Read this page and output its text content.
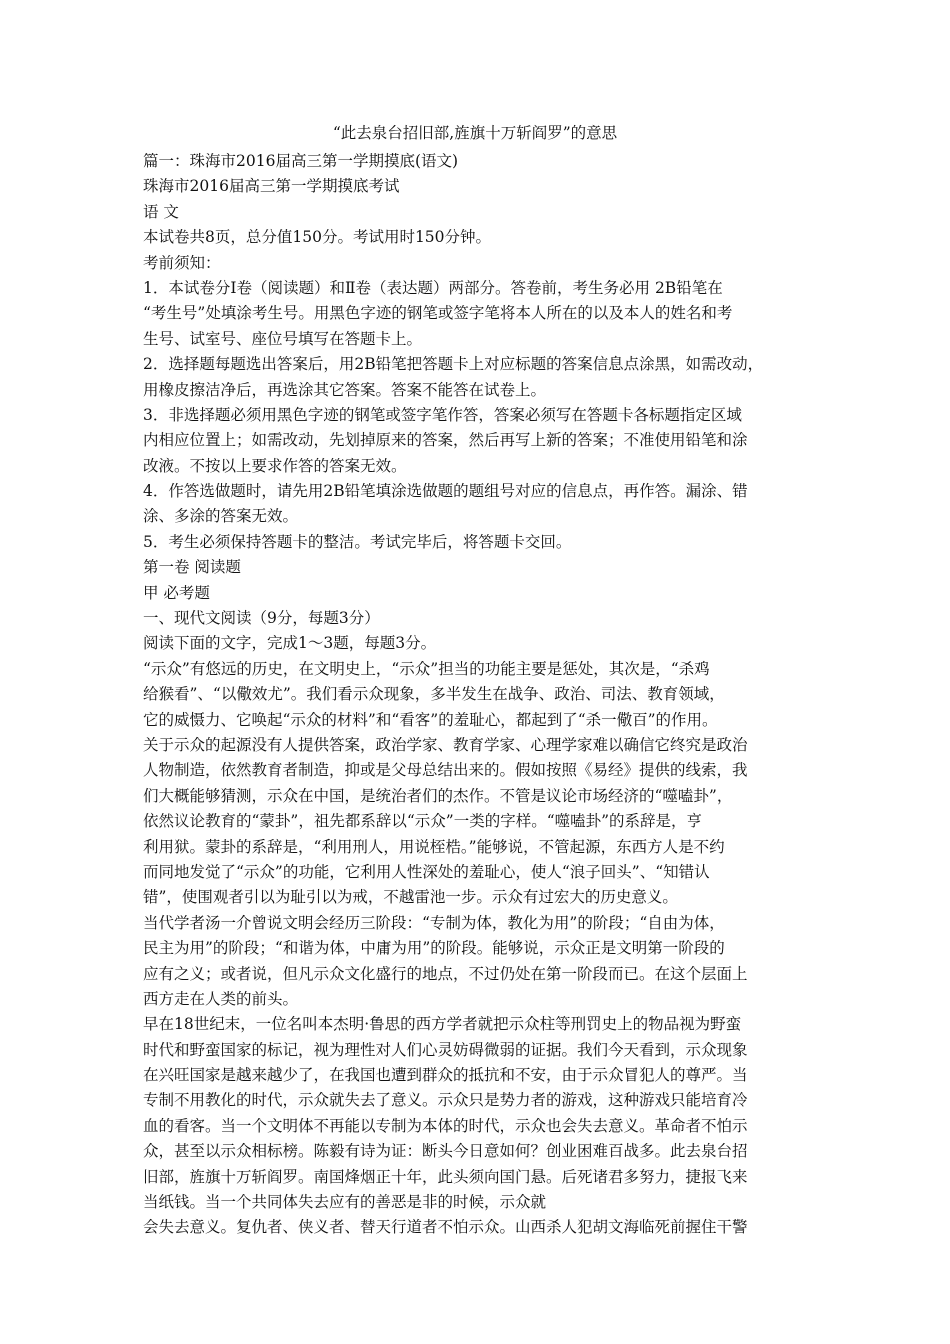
“此去泉台招旧部,旌旗十万斩阎罗”的意思
篇一：珠海市2016届高三第一学期摸底(语文)
珠海市2016届高三第一学期摸底考试
语 文
本试卷共8页，总分值150分。考试用时150分钟。
考前须知：
1．本试卷分Ⅰ卷（阅读题）和Ⅱ卷（表达题）两部分。答卷前，考生务必用 2B铅笔在
“考生号”处填涂考生号。用黑色字迹的钢笔或签字笔将本人所在的以及本人的姓名和考
生号、试室号、座位号填写在答题卡上。
2．选择题每题选出答案后，用2B铅笔把答题卡上对应标题的答案信息点涂黑，如需改动，
用橡皮擦洁净后，再选涂其它答案。答案不能答在试卷上。
3．非选择题必须用黑色字迹的钢笔或签字笔作答，答案必须写在答题卡各标题指定区域
内相应位置上；如需改动，先划掉原来的答案，然后再写上新的答案；不准使用铅笔和涂
改液。不按以上要求作答的答案无效。
4．作答选做题时，请先用2B铅笔填涂选做题的题组号对应的信息点，再作答。漏涂、错
涂、多涂的答案无效。
5．考生必须保持答题卡的整洁。考试完毕后，将答题卡交回。
第一卷 阅读题
甲 必考题
一、现代文阅读（9分，每题3分）
阅读下面的文字，完成1～3题，每题3分。
“示众”有悠远的历史，在文明史上，“示众”担当的功能主要是惩处，其次是，“杀鸡
给猴看”、“以儆效尤”。我们看示众现象，多半发生在战争、政治、司法、教育领域，
它的威慑力、它唤起“示众的材料”和“看客”的羞耻心，都起到了“杀一儆百”的作用。
关于示众的起源没有人提供答案，政治学家、教育学家、心理学家难以确信它终究是政治
人物制造，依然教育者制造，抑或是父母总结出来的。假如按照《易经》提供的线索，我
们大概能够猜测，示众在中国，是统治者们的杰作。不管是议论市场经济的“噬嗑卦”，
依然议论教育的“蒙卦”，祖先都系辞以“示众”一类的字样。“噬嗑卦”的系辞是，亨
利用狱。蒙卦的系辞是，“利用刑人，用说桎梏。”能够说，不管起源，东西方人是不约
而同地发觉了“示众”的功能，它利用人性深处的羞耻心，使人“浪子回头”、“知错认
错”，使围观者引以为耻引以为戒，不越雷池一步。示众有过宏大的历史意义。
当代学者汤一介曾说文明会经历三阶段：“专制为体，教化为用”的阶段；“自由为体，
民主为用”的阶段；“和谐为体，中庸为用”的阶段。能够说，示众正是文明第一阶段的
应有之义；或者说，但凡示众文化盛行的地点，不过仍处在第一阶段而已。在这个层面上
西方走在人类的前头。
早在18世纪末，一位名叫本杰明·鲁思的西方学者就把示众柱等刑罚史上的物品视为野蛮
时代和野蛮国家的标记，视为理性对人们心灵妨碍微弱的证据。我们今天看到，示众现象
在兴旺国家是越来越少了，在我国也遭到群众的抵抗和不安，由于示众冒犯人的尊严。当
专制不用教化的时代，示众就失去了意义。示众只是势力者的游戏，这种游戏只能培育冷
血的看客。当一个文明体不再能以专制为本体的时代，示众也会失去意义。革命者不怕示
众，甚至以示众相标榜。陈毅有诗为证：断头今日意如何？创业困难百战多。此去泉台招
旧部，旌旗十万斩阎罗。南国烽烟正十年，此头须向国门悬。后死诸君多努力，捷报飞来
当纸钱。当一个共同体失去应有的善恶是非的时候，示众就
会失去意义。复仇者、侠义者、替天行道者不怕示众。山西杀人犯胡文海临死前握住干警
